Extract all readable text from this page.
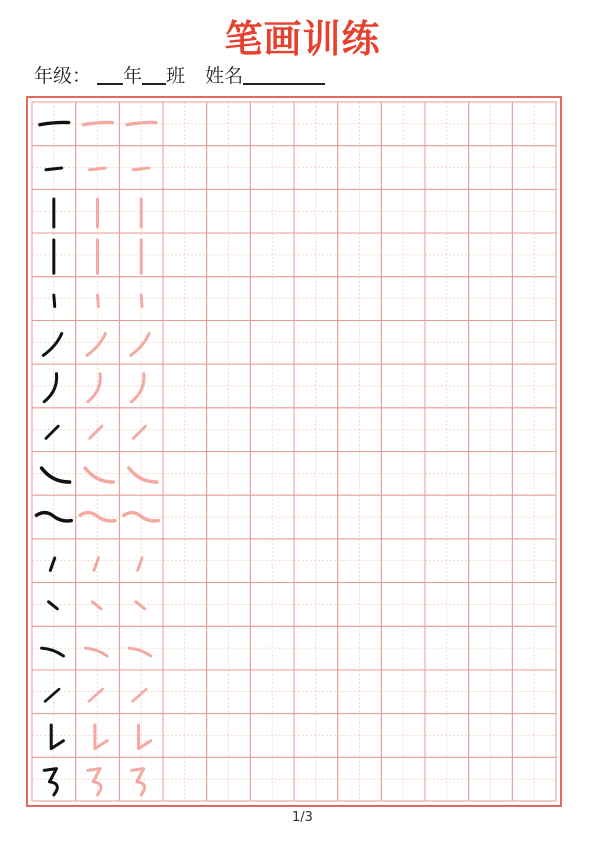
笔画训练
年级： 年 班 姓名
1/3
